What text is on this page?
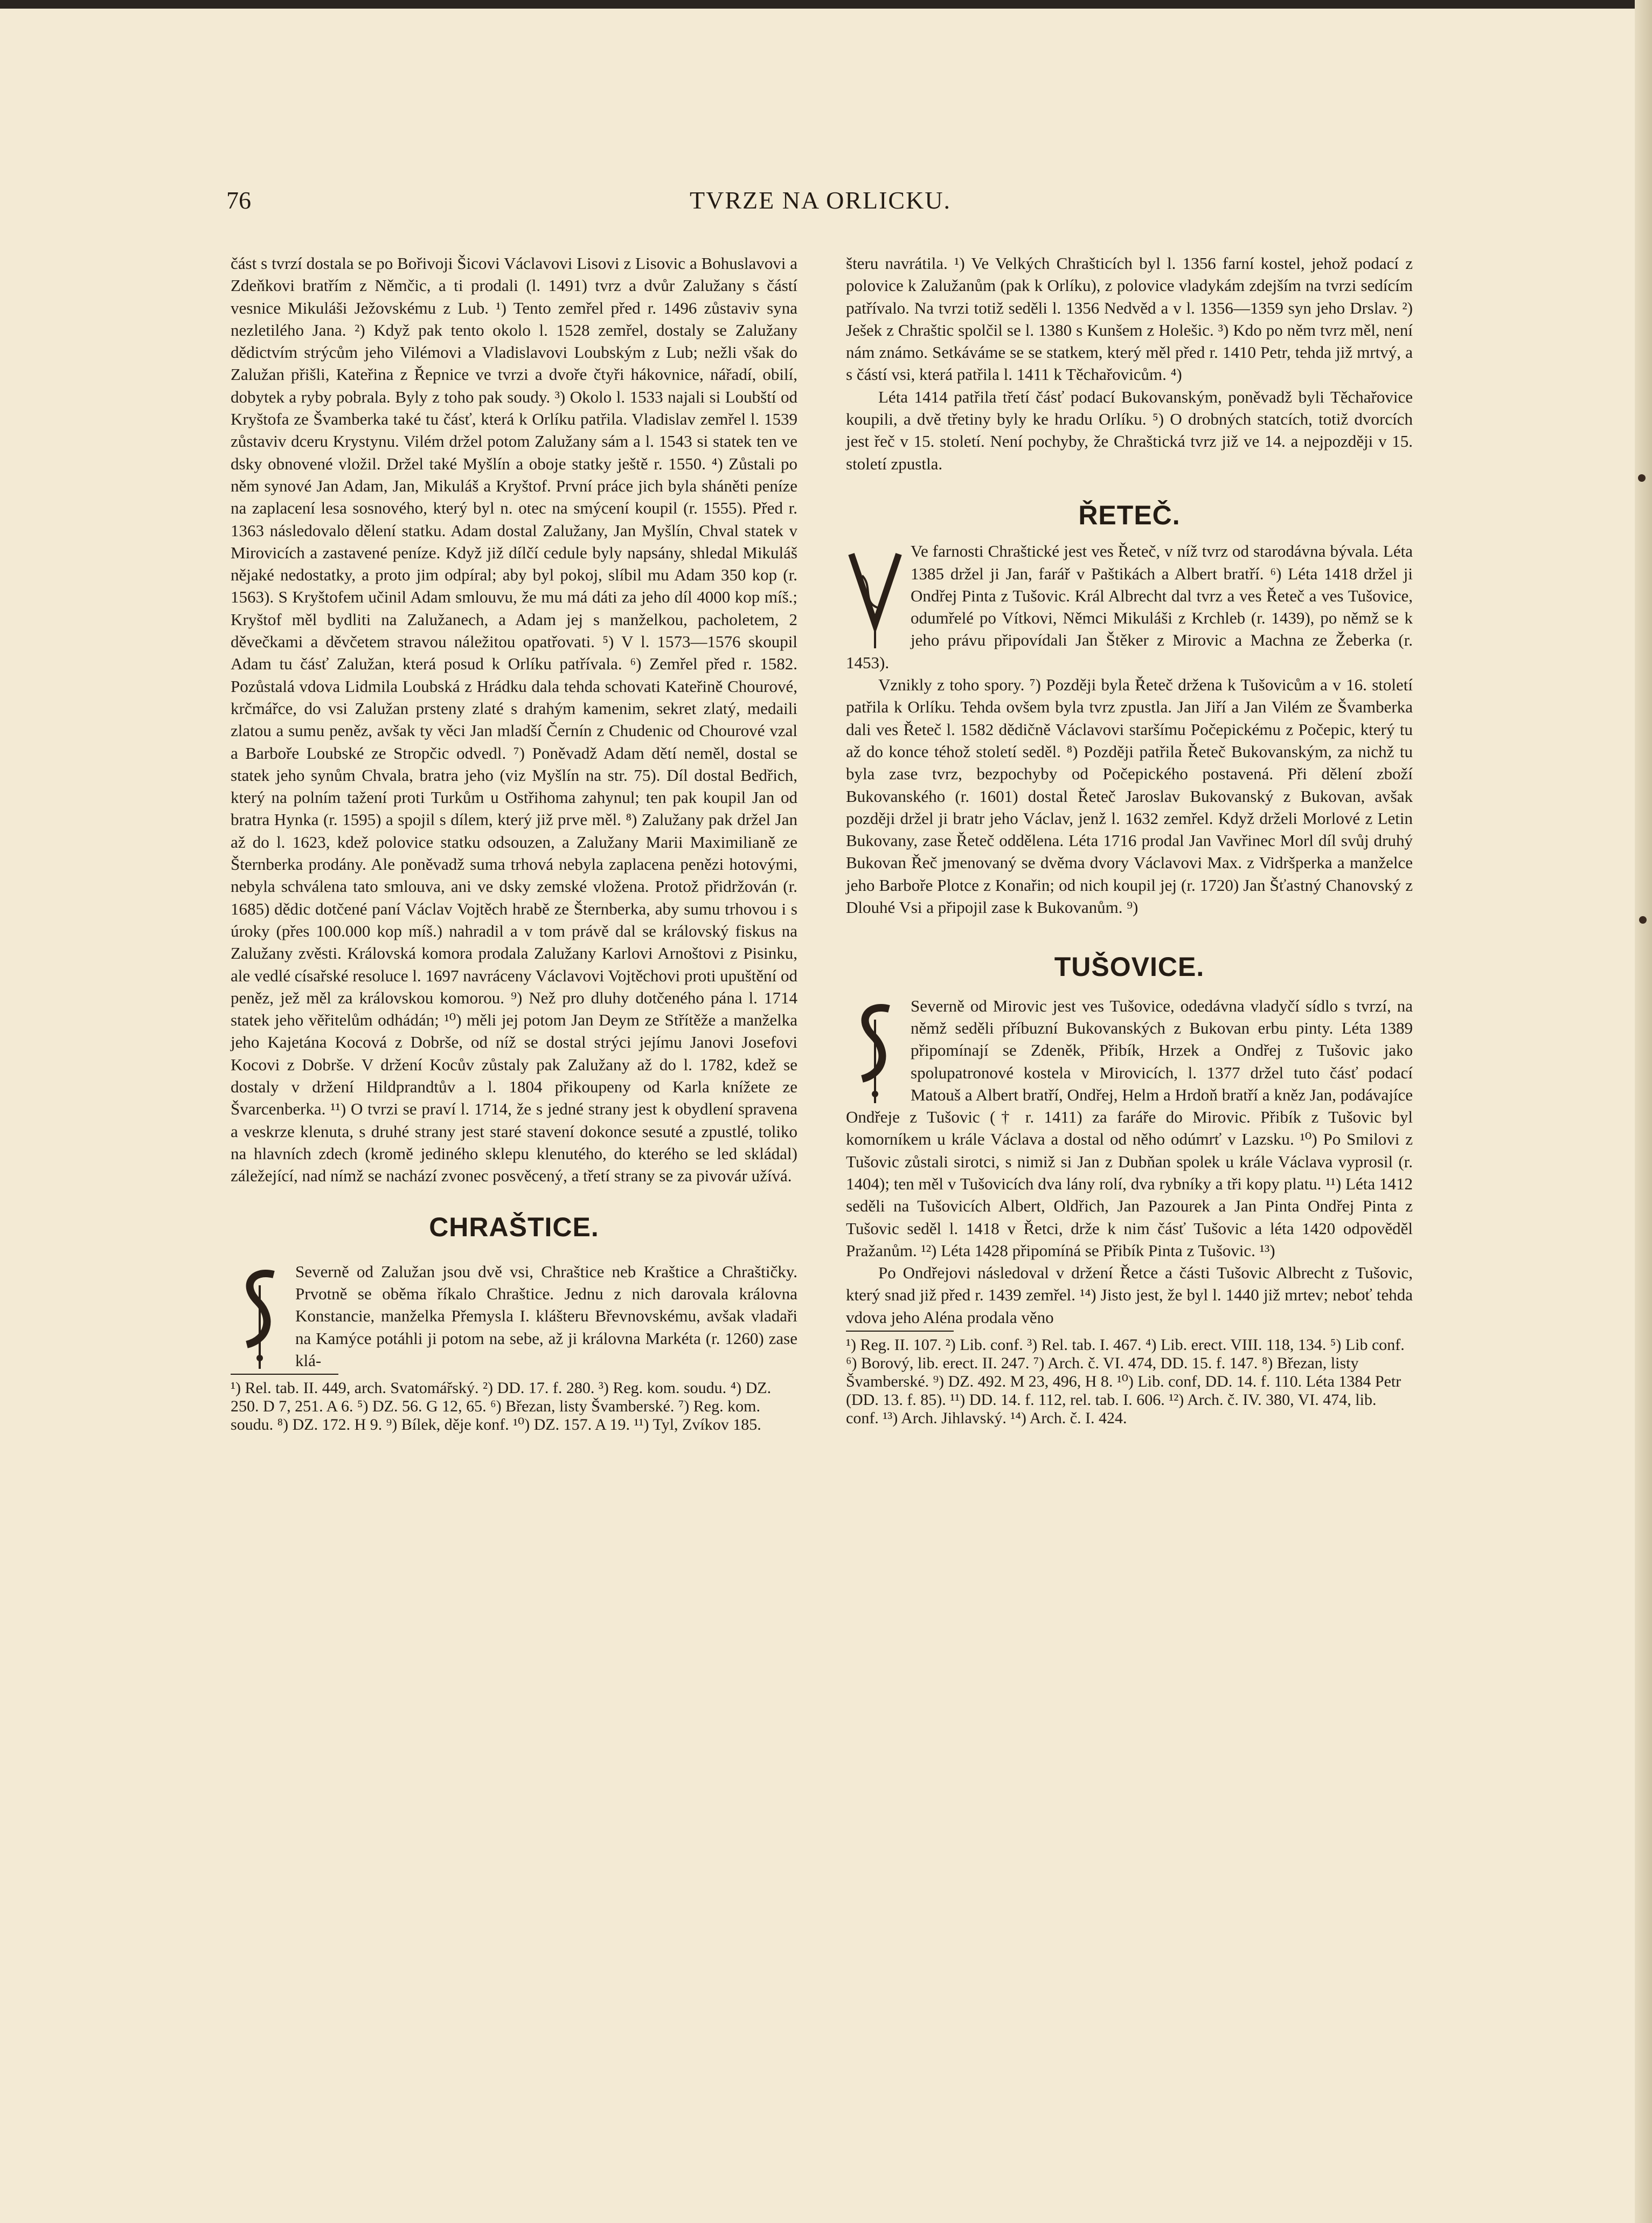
76	TVRZE NA ORLICKU.

část s tvrzí dostala se po Bořivoji Šicovi Václavovi Lisovi z Lisovic a Bohuslavovi a Zdeňkovi bratřím z Němčic, a ti prodali (l. 1491) tvrz a dvůr Zalužany s částí vesnice Mikuláši Ježovskému z Lub. ¹) Tento zemřel před r. 1496 zůstaviv syna nezletilého Jana. ²) Když pak tento okolo l. 1528 zemřel, dostaly se Zalužany dědictvím strýcům jeho Vilémovi a Vladislavovi Loubským z Lub; nežli však do Zalužan přišli, Kateřina z Řepnice ve tvrzi a dvoře čtyři hákovnice, nářadí, obilí, dobytek a ryby pobrala. Byly z toho pak soudy. ³) Okolo l. 1533 najali si Loubští od Kryštofa ze Švamberka také tu čásť, která k Orlíku patřila. Vladislav zemřel l. 1539 zůstaviv dceru Krystynu. Vilém držel potom Zalužany sám a l. 1543 si statek ten ve dsky obnovené vložil. Držel také Myšlín a oboje statky ještě r. 1550. ⁴) Zůstali po něm synové Jan Adam, Jan, Mikuláš a Kryštof. První práce jich byla sháněti peníze na zaplacení lesa sosnového, který byl n. otec na smýcení koupil (r. 1555). Před r. 1363 následovalo dělení statku. Adam dostal Zalužany, Jan Myšlín, Chval statek v Mirovicích a zastavené peníze. Když již dílčí cedule byly napsány, shledal Mikuláš nějaké nedostatky, a proto jim odpíral; aby byl pokoj, slíbil mu Adam 350 kop (r. 1563). S Kryštofem učinil Adam smlouvu, že mu má dáti za jeho díl 4000 kop míš.; Kryštof měl bydliti na Zalužanech, a Adam jej s manželkou, pacholetem, 2 děvečkami a děvčetem stravou náležitou opatřovati. ⁵) V l. 1573—1576 skoupil Adam tu čásť Zalužan, která posud k Orlíku patřívala. ⁶) Zemřel před r. 1582. Pozůstalá vdova Lidmila Loubská z Hrádku dala tehda schovati Kateřině Chourové, krčmářce, do vsi Zalužan prsteny zlaté s drahým kamenim, sekret zlatý, medaili zlatou a sumu peněz, avšak ty věci Jan mladší Černín z Chudenic od Chourové vzal a Barboře Loubské ze Stropčic odvedl. ⁷) Poněvadž Adam dětí neměl, dostal se statek jeho synům Chvala, bratra jeho (viz Myšlín na str. 75). Díl dostal Bedřich, který na polním tažení proti Turkům u Ostřihoma zahynul; ten pak koupil Jan od bratra Hynka (r. 1595) a spojil s dílem, který již prve měl. ⁸) Zalužany pak držel Jan až do l. 1623, kdež polovice statku odsouzen, a Zalužany Marii Maximilianě ze Šternberka prodány. Ale poněvadž suma trhová nebyla zaplacena penězi hotovými, nebyla schválena tato smlouva, ani ve dsky zemské vložena. Protož přidržován (r. 1685) dědic dotčené paní Václav Vojtěch hrabě ze Šternberka, aby sumu trhovou i s úroky (přes 100.000 kop míš.) nahradil a v tom právě dal se královský fiskus na Zalužany zvěsti. Královská komora prodala Zalužany Karlovi Arnoštovi z Pisinku, ale vedlé císařské resoluce l. 1697 navráceny Václavovi Vojtěchovi proti upuštění od peněz, jež měl za královskou komorou. ⁹) Než pro dluhy dotčeného pána l. 1714 statek jeho věřitelům odhádán; ¹⁰) měli jej potom Jan Deym ze Střítěže a manželka jeho Kajetána Kocová z Dobrše, od níž se dostal strýci jejímu Janovi Josefovi Kocovi z Dobrše. V držení Kocův zůstaly pak Zalužany až do l. 1782, kdež se dostaly v držení Hildprandtův a l. 1804 přikoupeny od Karla knížete ze Švarcenberka. ¹¹) O tvrzi se praví l. 1714, že s jedné strany jest k obydlení spravena a veskrze klenuta, s druhé strany jest staré stavení dokonce sesuté a zpustlé, toliko na hlavních zdech (kromě jediného sklepu klenutého, do kterého se led skládal) záležející, nad nímž se nachází zvonec posvěcený, a třetí strany se za pivovár užívá.

CHRAŠTICE.

Severně od Zalužan jsou dvě vsi, Chraštice neb Kraštice a Chraštičky. Prvotně se oběma říkalo Chraštice. Jednu z nich darovala královna Konstancie, manželka Přemysla I. klášteru Břevnovskému, avšak vladaři na Kamýce potáhli ji potom na sebe, až ji královna Markéta (r. 1260) zase klá-

¹) Rel. tab. II. 449, arch. Svatomářský. ²) DD. 17. f. 280. ³) Reg. kom. soudu. ⁴) DZ. 250. D 7, 251. A 6. ⁵) DZ. 56. G 12, 65. ⁶) Březan, listy Švamberské. ⁷) Reg. kom. soudu. ⁸) DZ. 172. H 9. ⁹) Bílek, děje konf. ¹⁰) DZ. 157. A 19. ¹¹) Tyl, Zvíkov 185.

šteru navrátila. ¹) Ve Velkých Chrašticích byl l. 1356 farní kostel, jehož podací z polovice k Zalužanům (pak k Orlíku), z polovice vladykám zdejším na tvrzi sedícím patřívalo. Na tvrzi totiž seděli l. 1356 Nedvěd a v l. 1356—1359 syn jeho Drslav. ²) Ješek z Chraštic spolčil se l. 1380 s Kunšem z Holešic. ³) Kdo po něm tvrz měl, není nám známo. Setkáváme se se statkem, který měl před r. 1410 Petr, tehda již mrtvý, a s částí vsi, která patřila l. 1411 k Těchařovicům. ⁴)

Léta 1414 patřila třetí čásť podací Bukovanským, poněvadž byli Těchařovice koupili, a dvě třetiny byly ke hradu Orlíku. ⁵) O drobných statcích, totiž dvorcích jest řeč v 15. století. Není pochyby, že Chraštická tvrz již ve 14. a nejpozději v 15. století zpustla.

ŘETEČ.

Ve farnosti Chraštické jest ves Řeteč, v níž tvrz od starodávna bývala. Léta 1385 držel ji Jan, farář v Paštikách a Albert bratří. ⁶) Léta 1418 držel ji Ondřej Pinta z Tušovic. Král Albrecht dal tvrz a ves Řeteč a ves Tušovice, odumřelé po Vítkovi, Němci Mikuláši z Krchleb (r. 1439), po němž se k jeho právu připovídali Jan Štěker z Mirovic a Machna ze Žeberka (r. 1453).

Vznikly z toho spory. ⁷) Později byla Řeteč držena k Tušovicům a v 16. století patřila k Orlíku. Tehda ovšem byla tvrz zpustla. Jan Jiří a Jan Vilém ze Švamberka dali ves Řeteč l. 1582 dědičně Václavovi staršímu Počepickému z Počepic, který tu až do konce téhož století seděl. ⁸) Později patřila Řeteč Bukovanským, za nichž tu byla zase tvrz, bezpochyby od Počepického postavená. Při dělení zboží Bukovanského (r. 1601) dostal Řeteč Jaroslav Bukovanský z Bukovan, avšak později držel ji bratr jeho Václav, jenž l. 1632 zemřel. Když drželi Morlové z Letin Bukovany, zase Řeteč oddělena. Léta 1716 prodal Jan Vavřinec Morl díl svůj druhý Bukovan Řeč jmenovaný se dvěma dvory Václavovi Max. z Vidršperka a manželce jeho Barboře Plotce z Konařin; od nich koupil jej (r. 1720) Jan Šťastný Chanovský z Dlouhé Vsi a připojil zase k Bukovanům. ⁹)

TUŠOVICE.

Severně od Mirovic jest ves Tušovice, odedávna vladyčí sídlo s tvrzí, na němž seděli příbuzní Bukovanských z Bukovan erbu pinty. Léta 1389 připomínají se Zdeněk, Přibík, Hrzek a Ondřej z Tušovic jako spolupatronové kostela v Mirovicích, l. 1377 držel tuto čásť podací Matouš a Albert bratří, Ondřej, Helm a Hrdoň bratří a kněz Jan, podávajíce Ondřeje z Tušovic († r. 1411) za faráře do Mirovic. Přibík z Tušovic byl komorníkem u krále Václava a dostal od něho odúmrť v Lazsku. ¹⁰) Po Smilovi z Tušovic zůstali sirotci, s nimiž si Jan z Dubňan spolek u krále Václava vyprosil (r. 1404); ten měl v Tušovicích dva lány rolí, dva rybníky a tři kopy platu. ¹¹) Léta 1412 seděli na Tušovicích Albert, Oldřich, Jan Pazourek a Jan Pinta Ondřej Pinta z Tušovic seděl l. 1418 v Řetci, drže k nim čásť Tušovic a léta 1420 odpověděl Pražanům. ¹²) Léta 1428 připomíná se Přibík Pinta z Tušovic. ¹³)

Po Ondřejovi následoval v držení Řetce a části Tušovic Albrecht z Tušovic, který snad již před r. 1439 zemřel. ¹⁴) Jisto jest, že byl l. 1440 již mrtev; neboť tehda vdova jeho Aléna prodala věno

¹) Reg. II. 107. ²) Lib. conf. ³) Rel. tab. I. 467. ⁴) Lib. erect. VIII. 118, 134. ⁵) Lib conf. ⁶) Borový, lib. erect. II. 247. ⁷) Arch. č. VI. 474, DD. 15. f. 147. ⁸) Březan, listy Švamberské. ⁹) DZ. 492. M 23, 496, H 8. ¹⁰) Lib. conf, DD. 14. f. 110. Léta 1384 Petr (DD. 13. f. 85). ¹¹) DD. 14. f. 112, rel. tab. I. 606. ¹²) Arch. č. IV. 380, VI. 474, lib. conf. ¹³) Arch. Jihlavský. ¹⁴) Arch. č. I. 424.
